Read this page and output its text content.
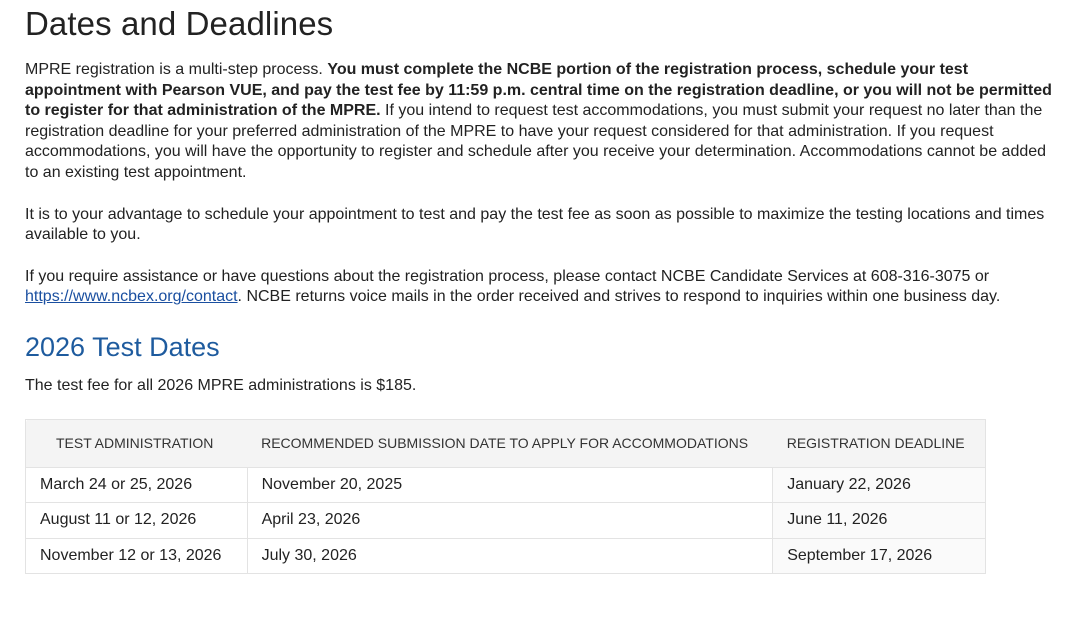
Dates and Deadlines

MPRE registration is a multi-step process. You must complete the NCBE portion of the registration process, schedule your test appointment with Pearson VUE, and pay the test fee by 11:59 p.m. central time on the registration deadline, or you will not be permitted to register for that administration of the MPRE. If you intend to request test accommodations, you must submit your request no later than the registration deadline for your preferred administration of the MPRE to have your request considered for that administration. If you request accommodations, you will have the opportunity to register and schedule after you receive your determination. Accommodations cannot be added to an existing test appointment.

It is to your advantage to schedule your appointment to test and pay the test fee as soon as possible to maximize the testing locations and times available to you.

If you require assistance or have questions about the registration process, please contact NCBE Candidate Services at 608-316-3075 or https://www.ncbex.org/contact. NCBE returns voice mails in the order received and strives to respond to inquiries within one business day.

2026 Test Dates

The test fee for all 2026 MPRE administrations is $185.

TEST ADMINISTRATION	RECOMMENDED SUBMISSION DATE TO APPLY FOR ACCOMMODATIONS	REGISTRATION DEADLINE
March 24 or 25, 2026	November 20, 2025	January 22, 2026
August 11 or 12, 2026	April 23, 2026	June 11, 2026
November 12 or 13, 2026	July 30, 2026	September 17, 2026
